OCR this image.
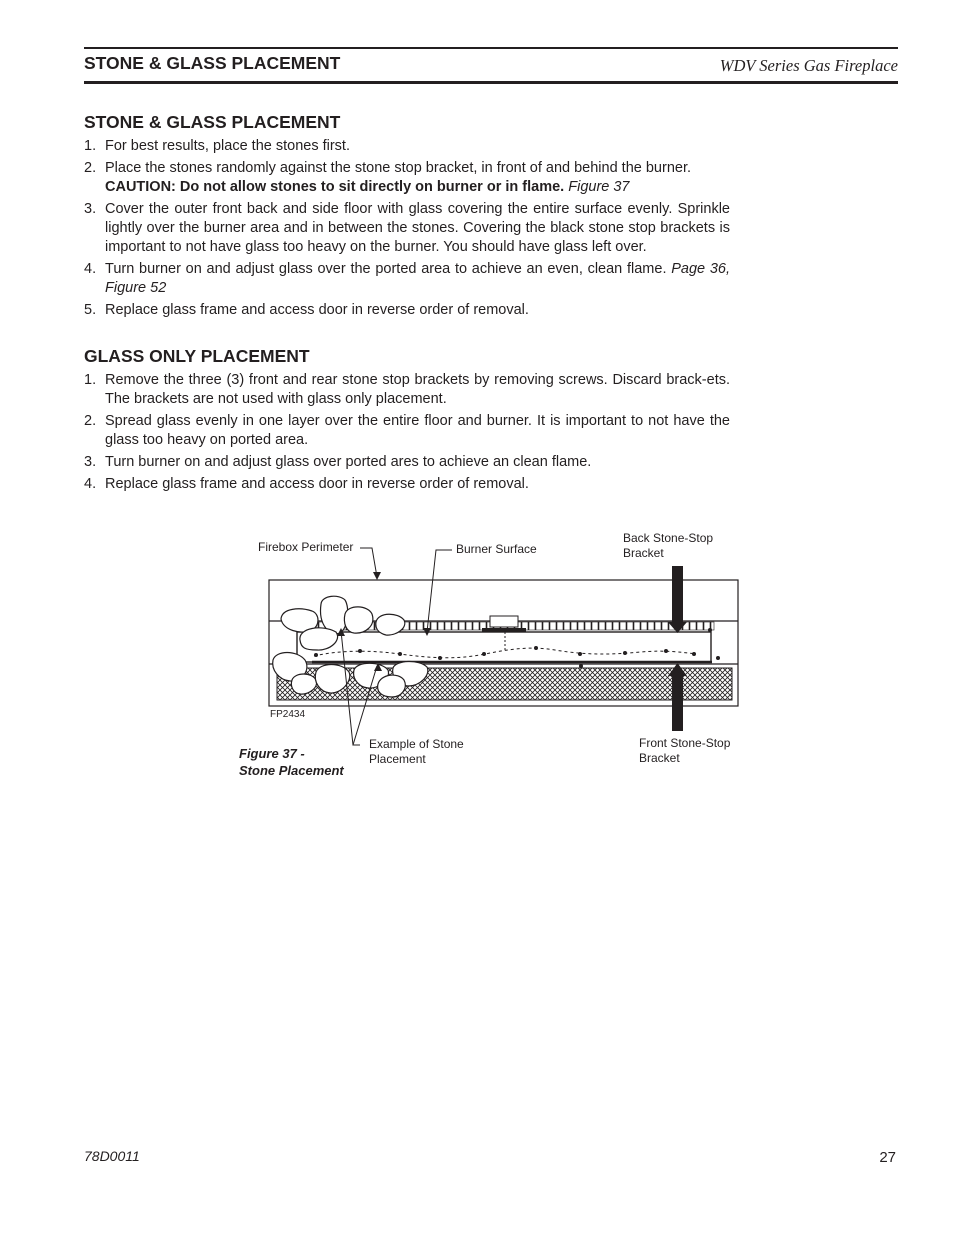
STONE & GLASS PLACEMENT	WDV Series Gas Fireplace
STONE & GLASS PLACEMENT
1. For best results, place the stones first.
2. Place the stones randomly against the stone stop bracket, in front of and behind the burner.
CAUTION: Do not allow stones to sit directly on burner or in flame. Figure 37
3. Cover the outer front back and side floor with glass covering the entire surface evenly. Sprinkle lightly over the burner area and in between the stones. Covering the black stone stop brackets is important to not have glass too heavy on the burner. You should have glass left over.
4. Turn burner on and adjust glass over the ported area to achieve an even, clean flame. Page 36, Figure 52
5. Replace glass frame and access door in reverse order of removal.
GLASS ONLY PLACEMENT
1. Remove the three (3) front and rear stone stop brackets by removing screws. Discard brack-ets. The brackets are not used with glass only placement.
2. Spread glass evenly in one layer over the entire floor and burner. It is important to not have the glass too heavy on ported area.
3. Turn burner on and adjust glass over ported ares to achieve an clean flame.
4. Replace glass frame and access door in reverse order of removal.
Firebox Perimeter	Burner Surface
Back Stone-Stop
Bracket
FP2434
Example of Stone
Placement
Front Stone-Stop
Bracket
Figure 37 -
Stone Placement
78D0011	27
